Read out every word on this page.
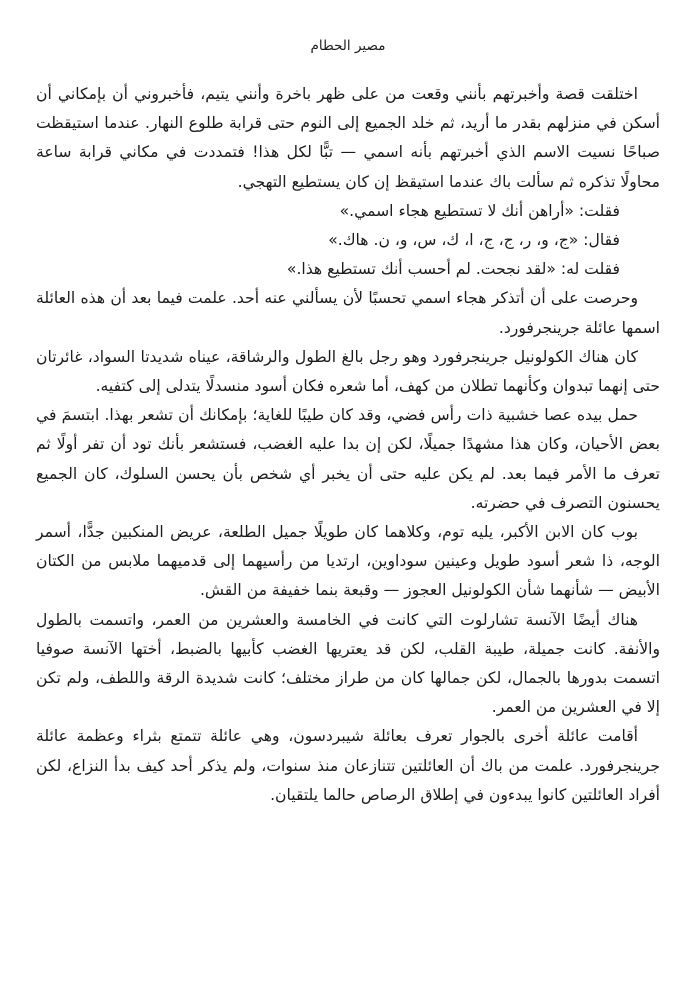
مصير الحطام

اختلقت قصة وأخبرتهم بأنني وقعت من على ظهر باخرة وأنني يتيم، فأخبروني أن بإمكاني أن أسكن في منزلهم بقدر ما أريد، ثم خلد الجميع إلى النوم حتى قرابة طلوع النهار. عندما استيقظت صباحًا نسيت الاسم الذي أخبرتهم بأنه اسمي — تبًّا لكل هذا! فتمددت في مكاني قرابة ساعة محاولًا تذكره ثم سألت باك عندما استيقظ إن كان يستطيع التهجي.

فقلت: «أراهن أنك لا تستطيع هجاء اسمي.»

فقال: «ج، و، ر، ج، ج، ا، ك، س، و، ن. هاك.»

فقلت له: «لقد نجحت. لم أحسب أنك تستطيع هذا.»

وحرصت على أن أتذكر هجاء اسمي تحسبًا لأن يسألني عنه أحد. علمت فيما بعد أن هذه العائلة اسمها عائلة جرينجرفورد.

كان هناك الكولونيل جرينجرفورد وهو رجل بالغ الطول والرشاقة، عيناه شديدتا السواد، غائرتان حتى إنهما تبدوان وكأنهما تطلان من كهف، أما شعره فكان أسود منسدلًا يتدلى إلى كتفيه.

حمل بيده عصا خشبية ذات رأس فضي، وقد كان طيبًا للغاية؛ بإمكانك أن تشعر بهذا. ابتسمَ في بعض الأحيان، وكان هذا مشهدًا جميلًا، لكن إن بدا عليه الغضب، فستشعر بأنك تود أن تفر أولًا ثم تعرف ما الأمر فيما بعد. لم يكن عليه حتى أن يخبر أي شخص بأن يحسن السلوك، كان الجميع يحسنون التصرف في حضرته.

بوب كان الابن الأكبر، يليه توم، وكلاهما كان طويلًا جميل الطلعة، عريض المنكبين جدًّا، أسمر الوجه، ذا شعر أسود طويل وعينين سوداوين، ارتديا من رأسيهما إلى قدميهما ملابس من الكتان الأبيض — شأنهما شأن الكولونيل العجوز — وقبعة بنما خفيفة من القش.

هناك أيضًا الآنسة تشارلوت التي كانت في الخامسة والعشرين من العمر، واتسمت بالطول والأنفة. كانت جميلة، طيبة القلب، لكن قد يعتريها الغضب كأبيها بالضبط، أختها الآنسة صوفيا اتسمت بدورها بالجمال، لكن جمالها كان من طراز مختلف؛ كانت شديدة الرقة واللطف، ولم تكن إلا في العشرين من العمر.

أقامت عائلة أخرى بالجوار تعرف بعائلة شيبردسون، وهي عائلة تتمتع بثراء وعظمة عائلة جرينجرفورد. علمت من باك أن العائلتين تتنازعان منذ سنوات، ولم يذكر أحد كيف بدأ النزاع، لكن أفراد العائلتين كانوا يبدءون في إطلاق الرصاص حالما يلتقيان.
